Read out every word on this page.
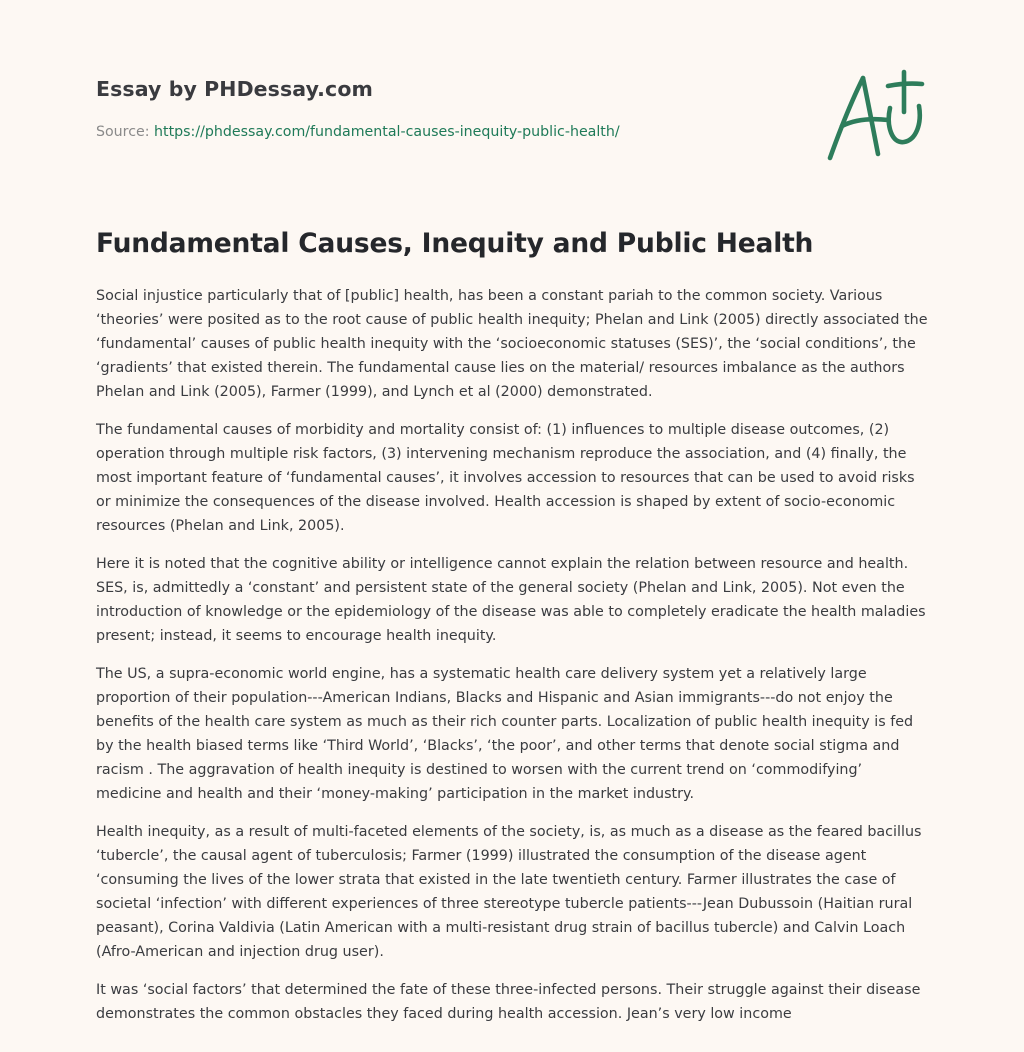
Essay by PHDessay.com
Source: https://phdessay.com/fundamental-causes-inequity-public-health/
Fundamental Causes, Inequity and Public Health

Social injustice particularly that of [public] health, has been a constant pariah to the common society. Various ‘theories’ were posited as to the root cause of public health inequity; Phelan and Link (2005) directly associated the ‘fundamental’ causes of public health inequity with the ‘socioeconomic statuses (SES)’, the ‘social conditions’, the ‘gradients’ that existed therein. The fundamental cause lies on the material/ resources imbalance as the authors Phelan and Link (2005), Farmer (1999), and Lynch et al (2000) demonstrated.

The fundamental causes of morbidity and mortality consist of: (1) influences to multiple disease outcomes, (2) operation through multiple risk factors, (3) intervening mechanism reproduce the association, and (4) finally, the most important feature of ‘fundamental causes’, it involves accession to resources that can be used to avoid risks or minimize the consequences of the disease involved. Health accession is shaped by extent of socio-economic resources (Phelan and Link, 2005).

Here it is noted that the cognitive ability or intelligence cannot explain the relation between resource and health. SES, is, admittedly a ‘constant’ and persistent state of the general society (Phelan and Link, 2005). Not even the introduction of knowledge or the epidemiology of the disease was able to completely eradicate the health maladies present; instead, it seems to encourage health inequity.

The US, a supra-economic world engine, has a systematic health care delivery system yet a relatively large proportion of their population---American Indians, Blacks and Hispanic and Asian immigrants---do not enjoy the benefits of the health care system as much as their rich counter parts. Localization of public health inequity is fed by the health biased terms like ‘Third World’, ‘Blacks’, ‘the poor’, and other terms that denote social stigma and racism . The aggravation of health inequity is destined to worsen with the current trend on ‘commodifying’ medicine and health and their ‘money-making’ participation in the market industry.

Health inequity, as a result of multi-faceted elements of the society, is, as much as a disease as the feared bacillus ‘tubercle’, the causal agent of tuberculosis; Farmer (1999) illustrated the consumption of the disease agent ‘consuming the lives of the lower strata that existed in the late twentieth century. Farmer illustrates the case of societal ‘infection’ with different experiences of three stereotype tubercle patients---Jean Dubussoin (Haitian rural peasant), Corina Valdivia (Latin American with a multi-resistant drug strain of bacillus tubercle) and Calvin Loach (Afro-American and injection drug user).

It was ‘social factors’ that determined the fate of these three-infected persons. Their struggle against their disease demonstrates the common obstacles they faced during health accession. Jean’s very low income
